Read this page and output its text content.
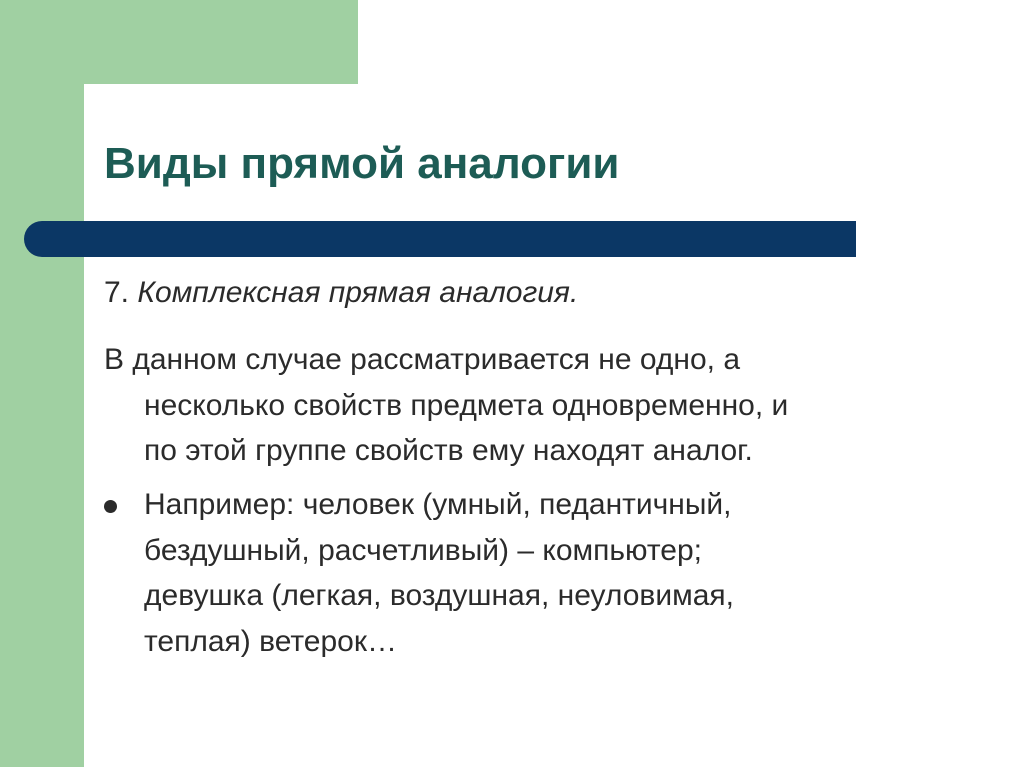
Виды прямой аналогии
7. Комплексная прямая аналогия.
В данном случае рассматривается не одно, а
несколько свойств предмета одновременно, и
по этой группе свойств ему находят аналог.
Например: человек (умный, педантичный,
бездушный, расчетливый) – компьютер;
девушка (легкая, воздушная, неуловимая,
теплая) ветерок…
